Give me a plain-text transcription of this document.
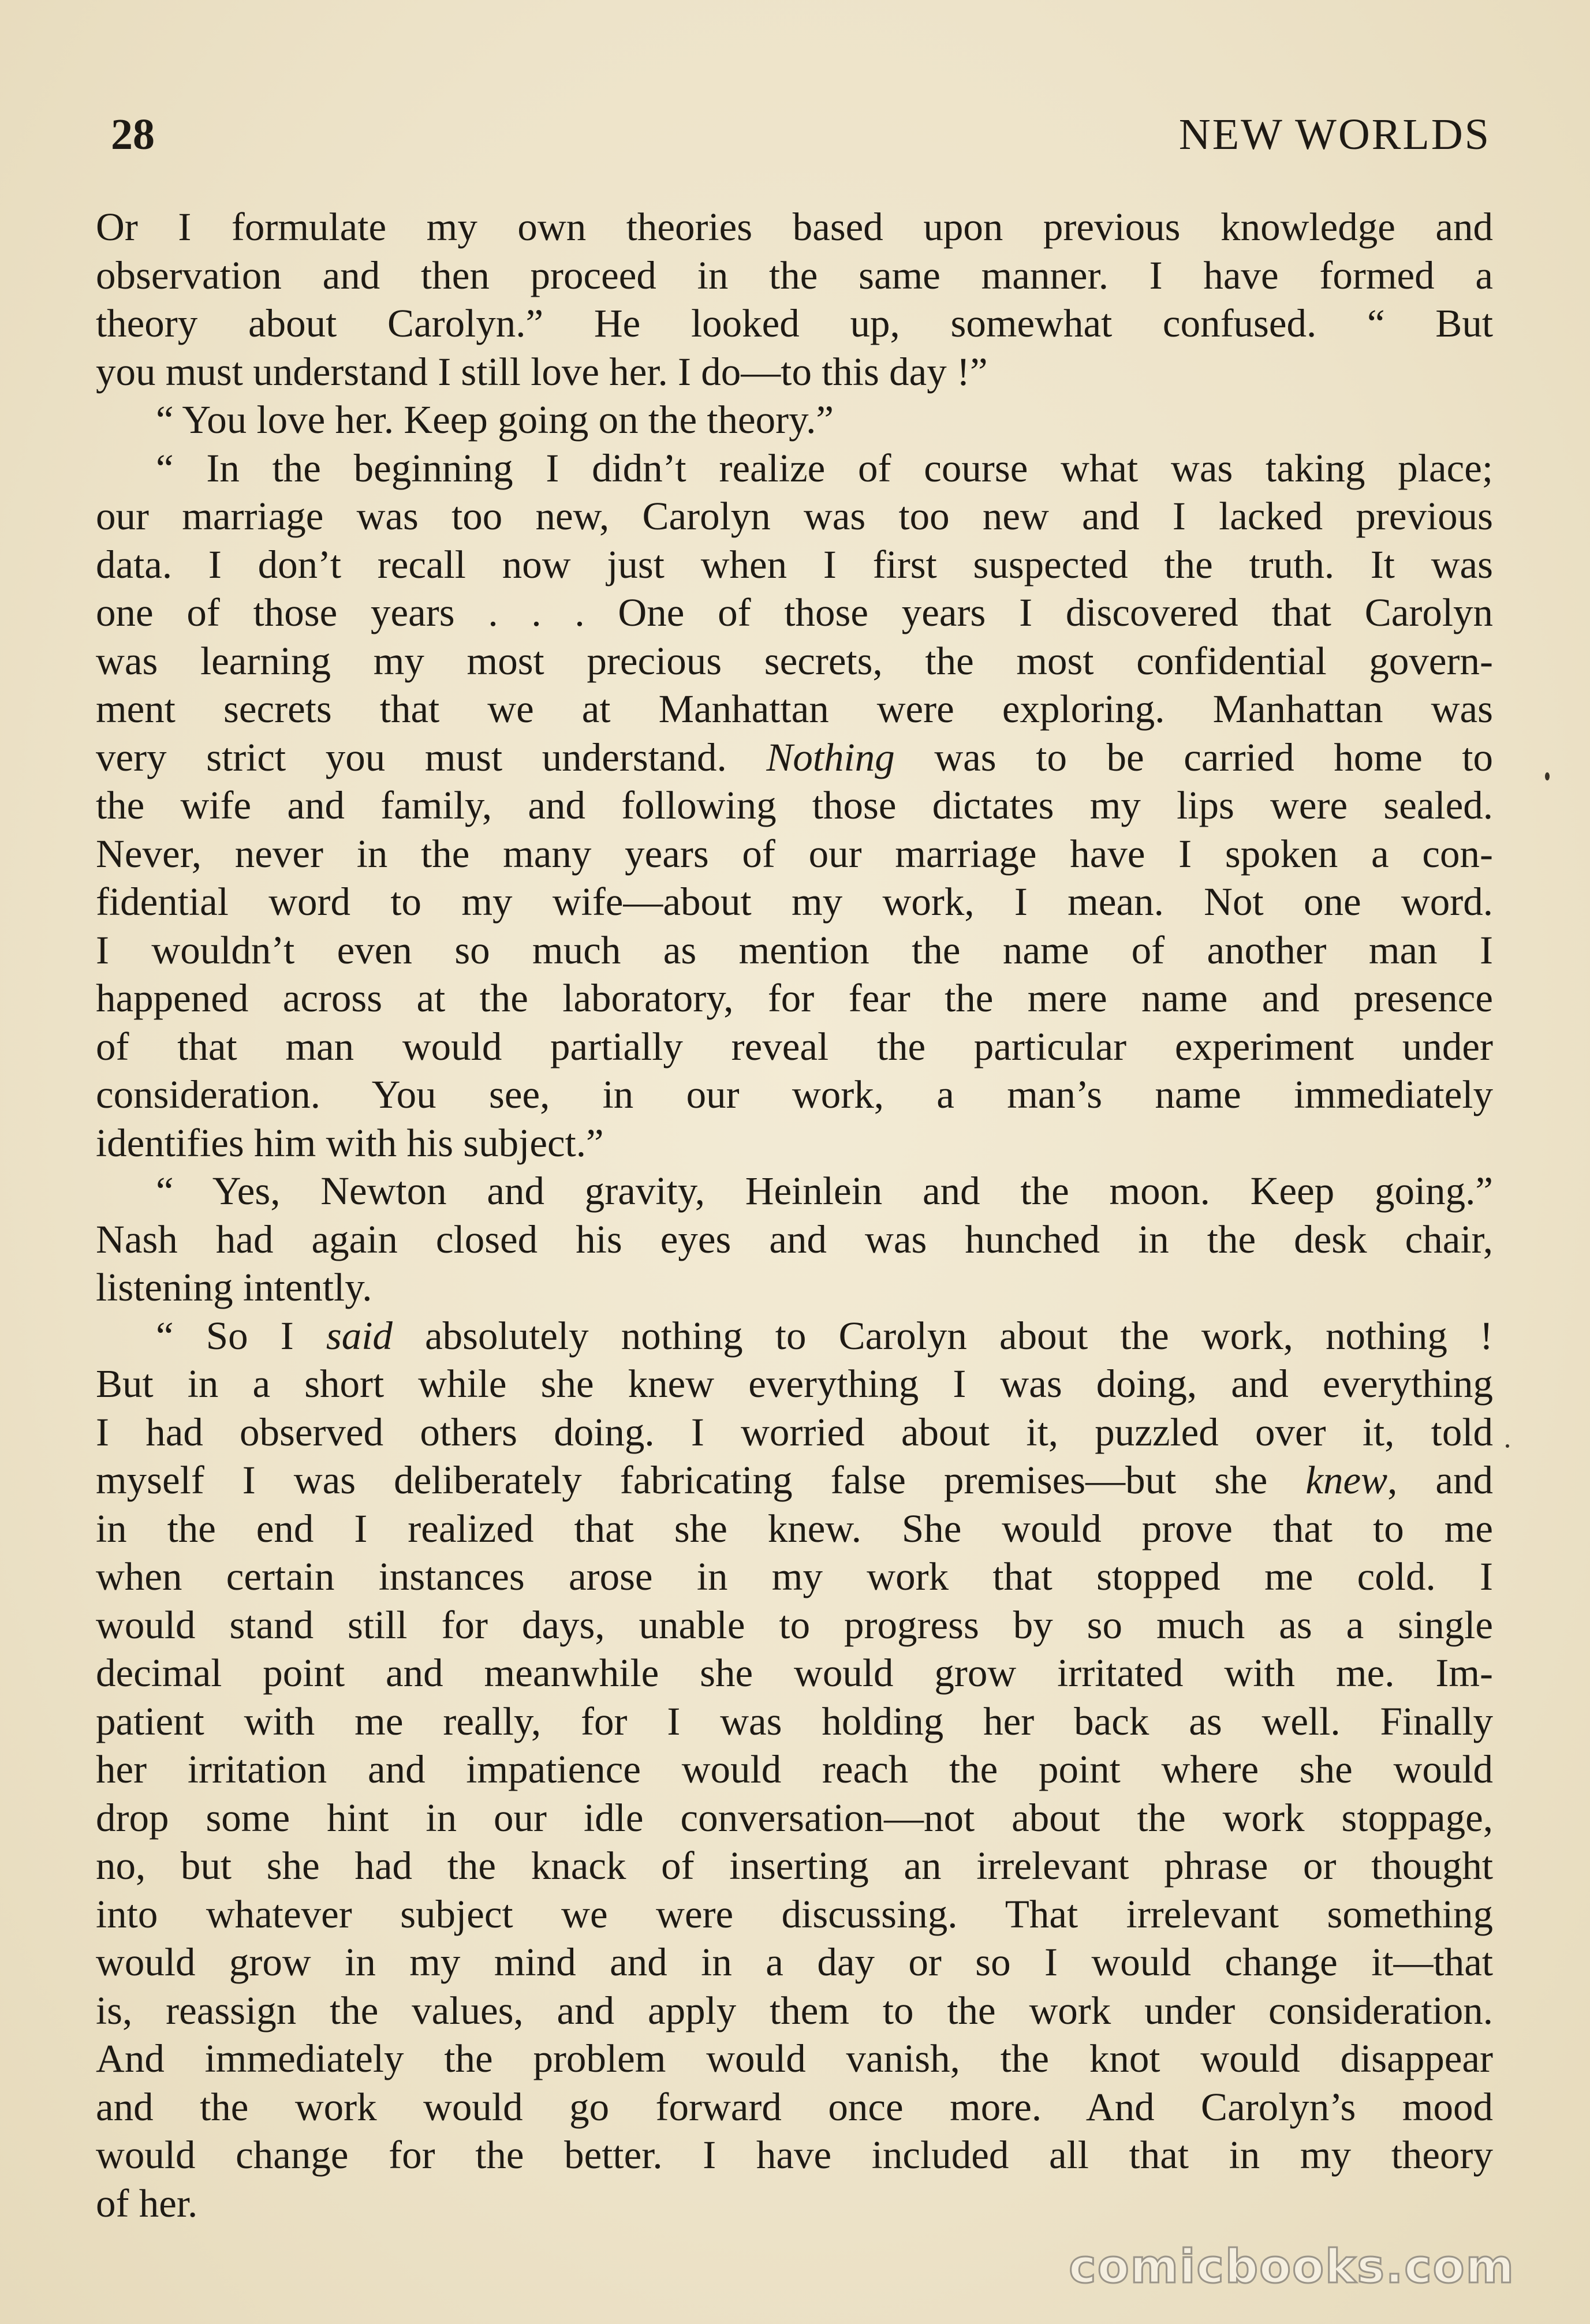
28	NEW WORLDS
Or I formulate my own theories based upon previous knowledge and
observation and then proceed in the same manner. I have formed a
theory about Carolyn.” He looked up, somewhat confused. “ But
you must understand I still love her. I do—to this day !”
“ You love her. Keep going on the theory.”
“ In the beginning I didn’t realize of course what was taking place;
our marriage was too new, Carolyn was too new and I lacked previous
data. I don’t recall now just when I first suspected the truth. It was
one of those years . . . One of those years I discovered that Carolyn
was learning my most precious secrets, the most confidential govern-
ment secrets that we at Manhattan were exploring. Manhattan was
very strict you must understand. Nothing was to be carried home to
the wife and family, and following those dictates my lips were sealed.
Never, never in the many years of our marriage have I spoken a con-
fidential word to my wife—about my work, I mean. Not one word.
I wouldn’t even so much as mention the name of another man I
happened across at the laboratory, for fear the mere name and presence
of that man would partially reveal the particular experiment under
consideration. You see, in our work, a man’s name immediately
identifies him with his subject.”
“ Yes, Newton and gravity, Heinlein and the moon. Keep going.”
Nash had again closed his eyes and was hunched in the desk chair,
listening intently.
“ So I said absolutely nothing to Carolyn about the work, nothing !
But in a short while she knew everything I was doing, and everything
I had observed others doing. I worried about it, puzzled over it, told
myself I was deliberately fabricating false premises—but she knew, and
in the end I realized that she knew. She would prove that to me
when certain instances arose in my work that stopped me cold. I
would stand still for days, unable to progress by so much as a single
decimal point and meanwhile she would grow irritated with me. Im-
patient with me really, for I was holding her back as well. Finally
her irritation and impatience would reach the point where she would
drop some hint in our idle conversation—not about the work stoppage,
no, but she had the knack of inserting an irrelevant phrase or thought
into whatever subject we were discussing. That irrelevant something
would grow in my mind and in a day or so I would change it—that
is, reassign the values, and apply them to the work under consideration.
And immediately the problem would vanish, the knot would disappear
and the work would go forward once more. And Carolyn’s mood
would change for the better. I have included all that in my theory
of her.
comicbooks.com
